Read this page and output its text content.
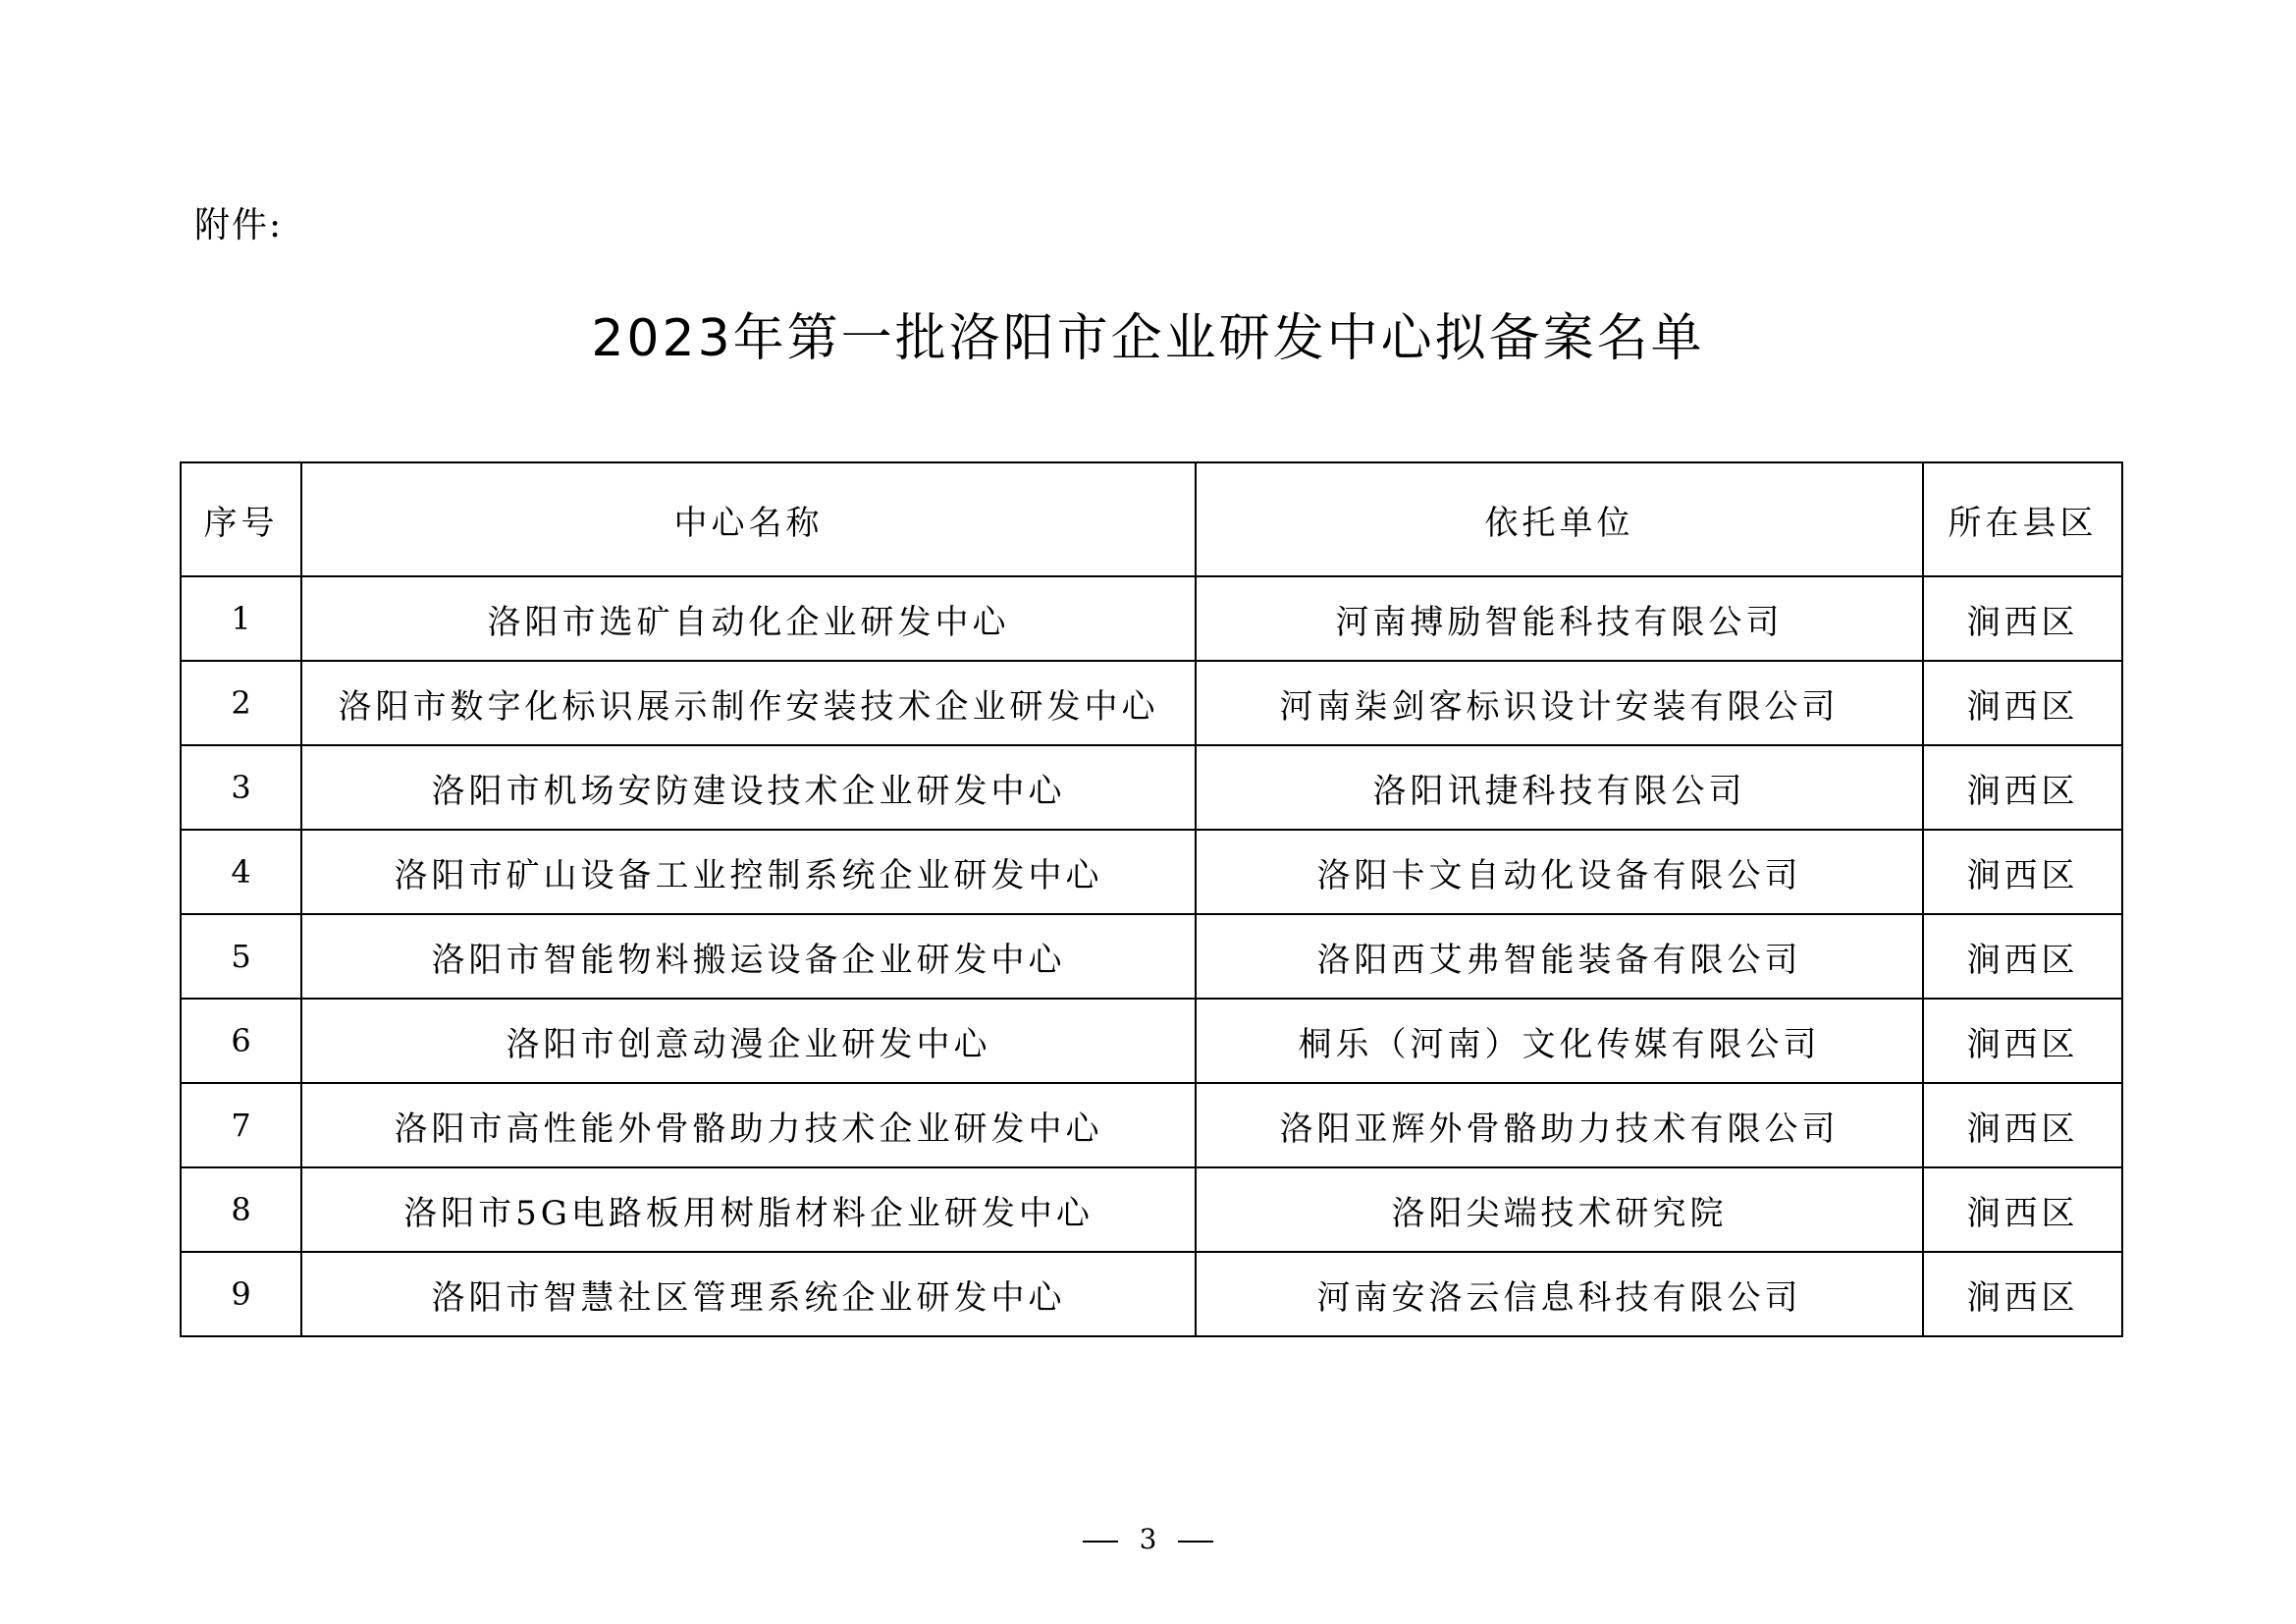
附件:
2023年第一批洛阳市企业研发中心拟备案名单
序号	中心名称	依托单位	所在县区
1	洛阳市选矿自动化企业研发中心	河南搏励智能科技有限公司	涧西区
2	洛阳市数字化标识展示制作安装技术企业研发中心	河南柒剑客标识设计安装有限公司	涧西区
3	洛阳市机场安防建设技术企业研发中心	洛阳讯捷科技有限公司	涧西区
4	洛阳市矿山设备工业控制系统企业研发中心	洛阳卡文自动化设备有限公司	涧西区
5	洛阳市智能物料搬运设备企业研发中心	洛阳西艾弗智能装备有限公司	涧西区
6	洛阳市创意动漫企业研发中心	桐乐（河南）文化传媒有限公司	涧西区
7	洛阳市高性能外骨骼助力技术企业研发中心	洛阳亚辉外骨骼助力技术有限公司	涧西区
8	洛阳市5G电路板用树脂材料企业研发中心	洛阳尖端技术研究院	涧西区
9	洛阳市智慧社区管理系统企业研发中心	河南安洛云信息科技有限公司	涧西区
3
